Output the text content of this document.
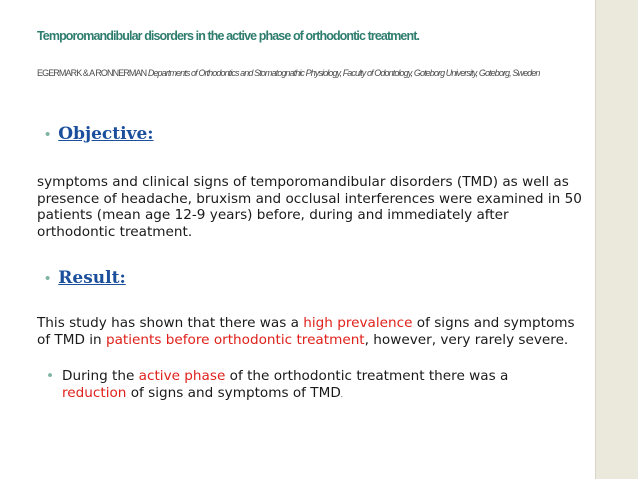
Temporomandibular disorders in the active phase of orthodontic treatment.
EGERMARK & A RONNERMAN Departments of Orthodontics and Stomatognathic Physiology, Faculty of Odontology, Goteborg University, Goteborg, Sweden
• Objective:
symptoms and clinical signs of temporomandibular disorders (TMD) as well as presence of headache, bruxism and occlusal interferences were examined in 50 patients (mean age 12-9 years) before, during and immediately after orthodontic treatment.
• Result:
This study has shown that there was a high prevalence of signs and symptoms of TMD in patients before orthodontic treatment, however, very rarely severe.
• During the active phase of the orthodontic treatment there was a reduction of signs and symptoms of TMD.
